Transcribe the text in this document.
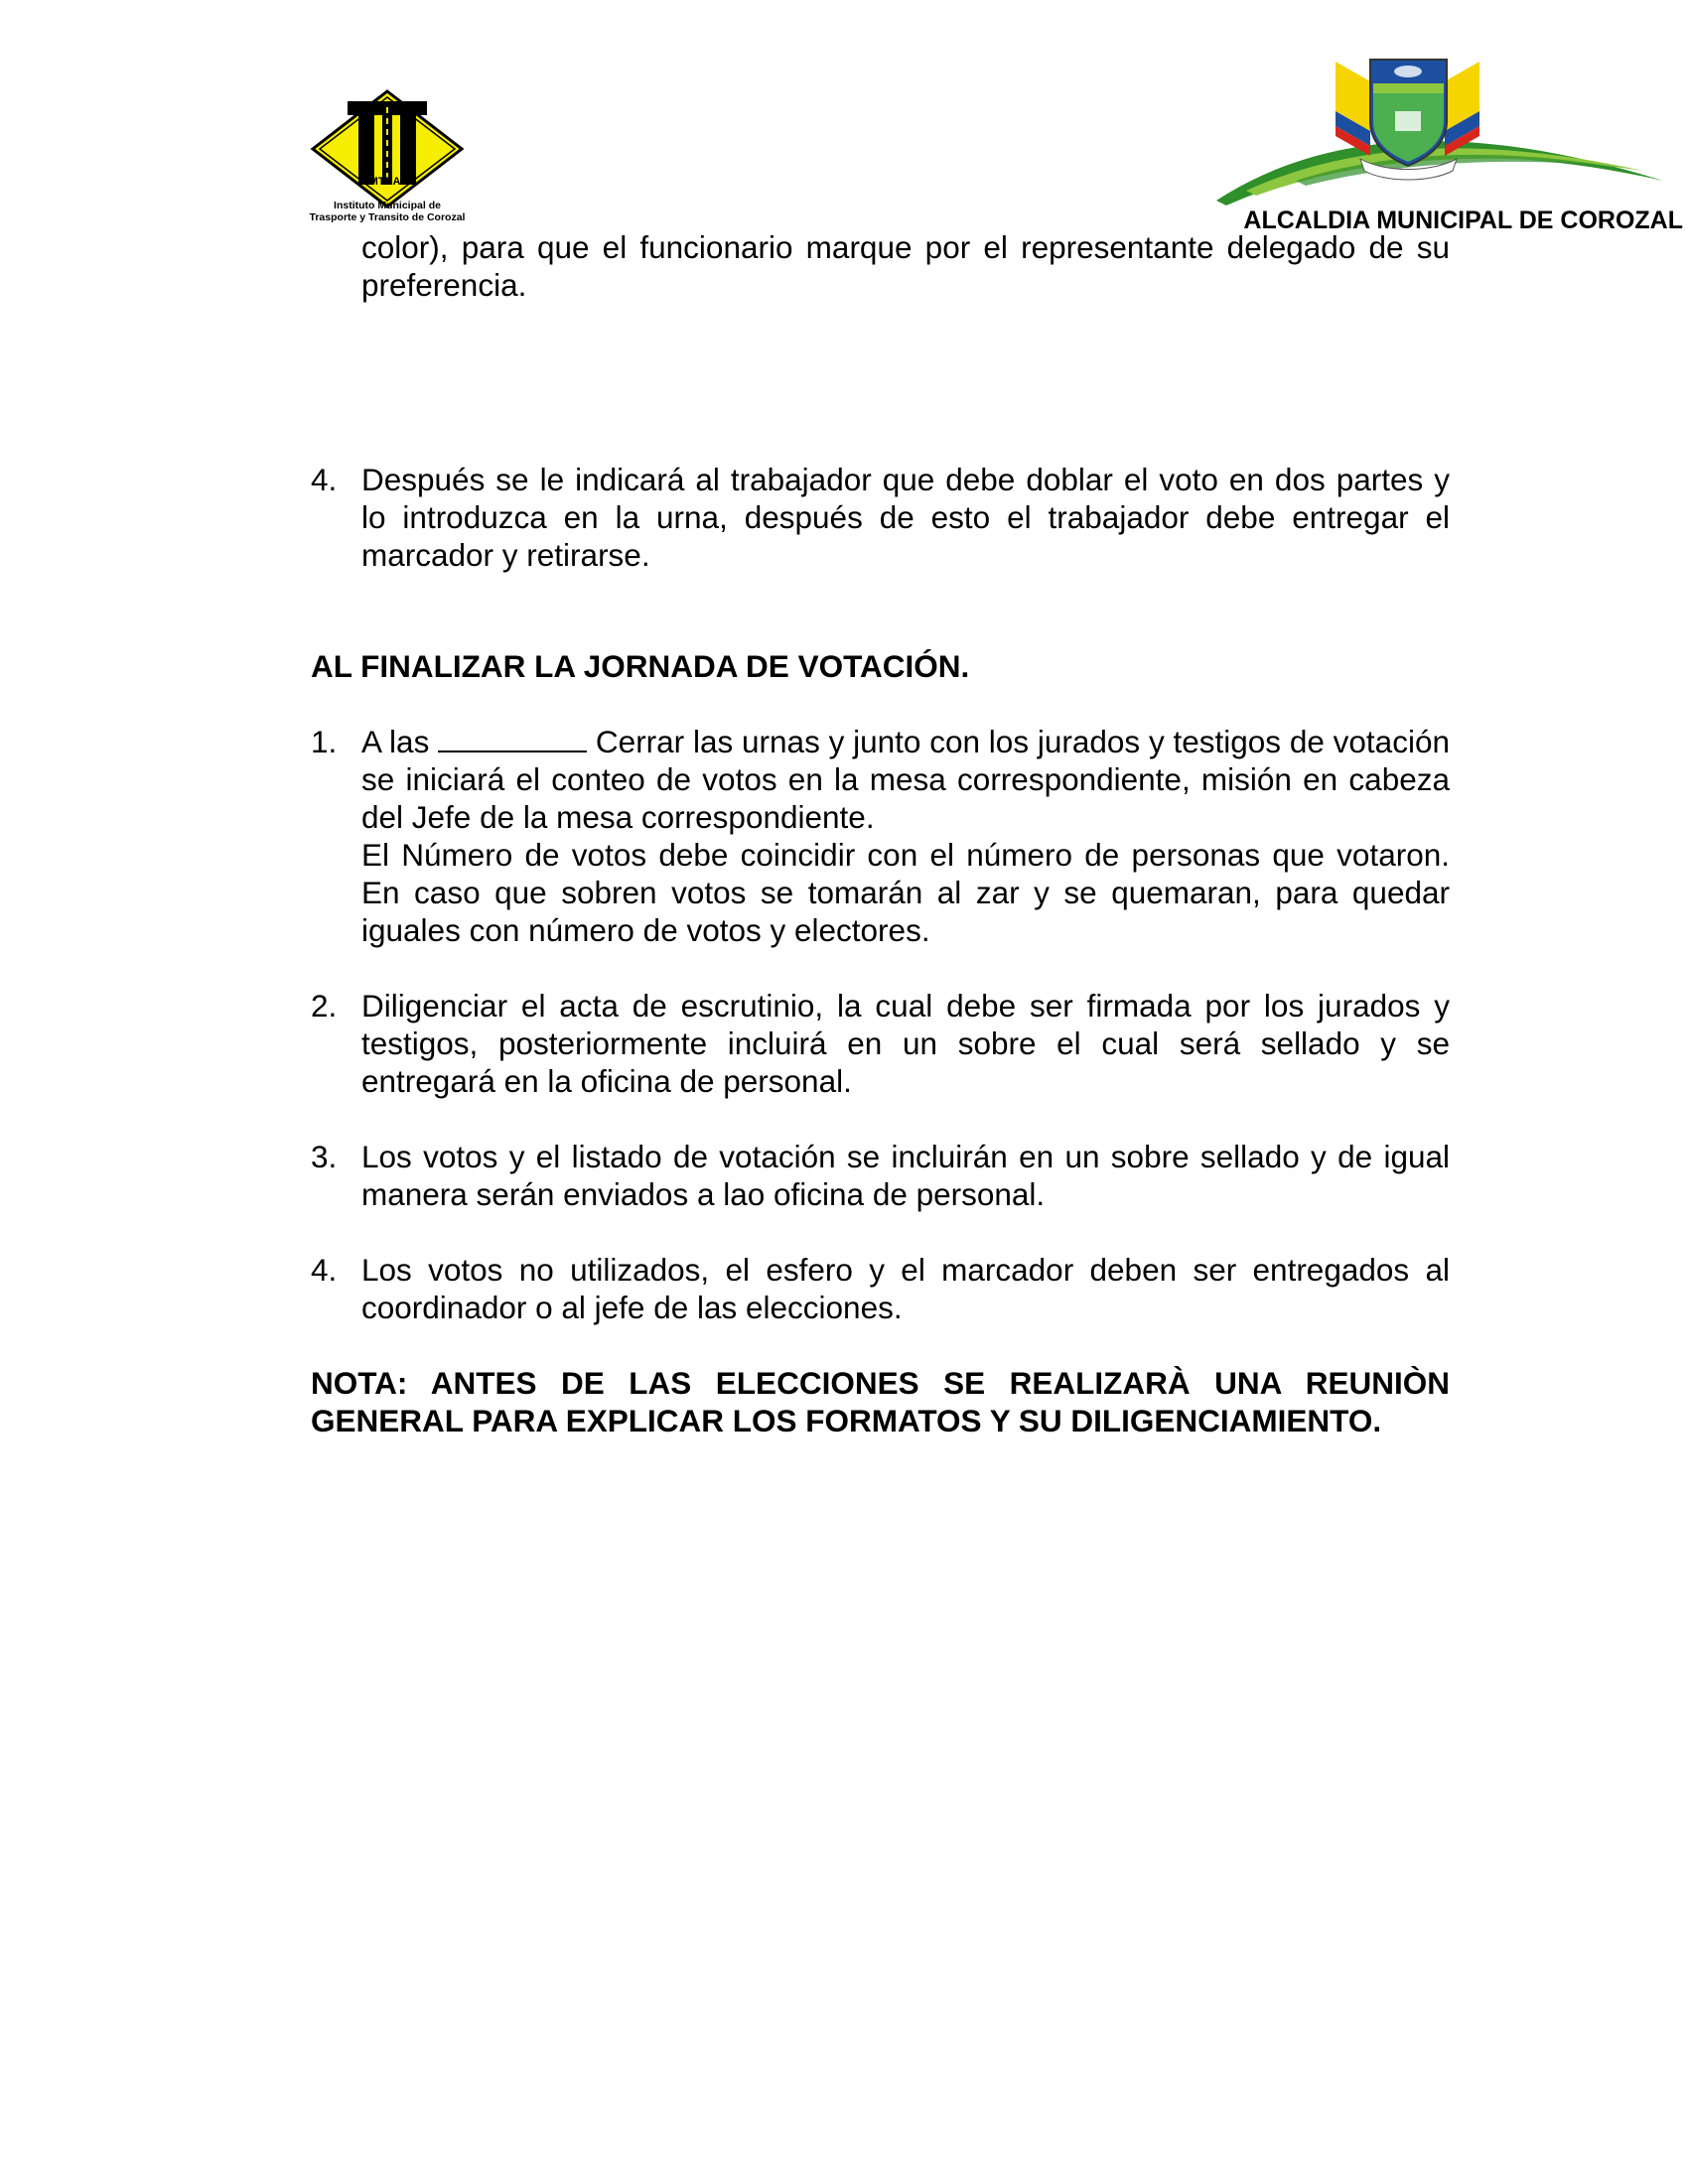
IMTRAC
Instituto Municipal de
Trasporte y Transito de Corozal	ALCALDIA MUNICIPAL DE COROZAL
color), para que el funcionario marque por el representante delegado de su preferencia.
4. Después se le indicará al trabajador que debe doblar el voto en dos partes y lo introduzca en la urna, después de esto el trabajador debe entregar el marcador y retirarse.
AL FINALIZAR LA JORNADA DE VOTACIÓN.
1. A las	Cerrar las urnas y junto con los jurados y testigos de votación se iniciará el conteo de votos en la mesa correspondiente, misión en cabeza del Jefe de la mesa correspondiente.
El Número de votos debe coincidir con el número de personas que votaron. En caso que sobren votos se tomarán al zar y se quemaran, para quedar iguales con número de votos y electores.
2. Diligenciar el acta de escrutinio, la cual debe ser firmada por los jurados y testigos, posteriormente incluirá en un sobre el cual será sellado y se entregará en la oficina de personal.
3. Los votos y el listado de votación se incluirán en un sobre sellado y de igual manera serán enviados a lao oficina de personal.
4. Los votos no utilizados, el esfero y el marcador deben ser entregados al coordinador o al jefe de las elecciones.
NOTA: ANTES DE LAS ELECCIONES SE REALIZARÀ UNA REUNIÒN GENERAL PARA EXPLICAR LOS FORMATOS Y SU DILIGENCIAMIENTO.
